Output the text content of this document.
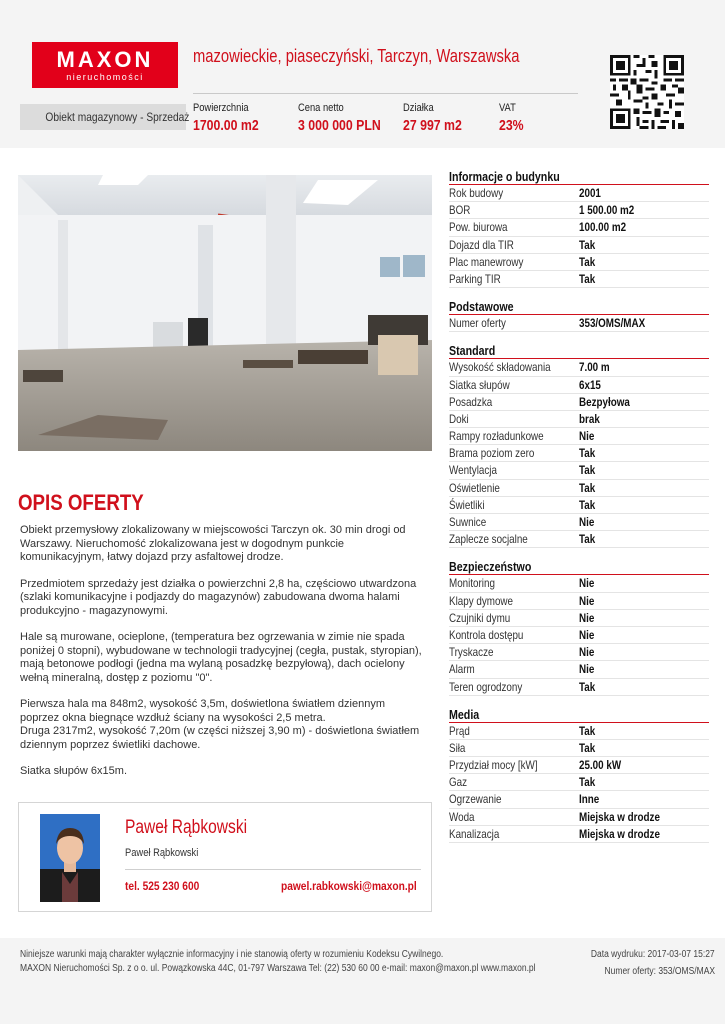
MAXON
nieruchomości
mazowieckie, piaseczyński, Tarczyn, Warszawska
Obiekt magazynowy - Sprzedaż
Powierzchnia
1700.00 m2
Cena netto
3 000 000 PLN
Działka
27 997 m2
VAT
23%
OPIS OFERTY

Obiekt przemysłowy zlokalizowany w miejscowości Tarczyn ok. 30 min drogi od Warszawy. Nieruchomość zlokalizowana jest w dogodnym punkcie komunikacyjnym, łatwy dojazd przy asfaltowej drodze.

Przedmiotem sprzedaży jest działka o powierzchni 2,8 ha, częściowo utwardzona (szlaki komunikacyjne i podjazdy do magazynów) zabudowana dwoma halami produkcyjno - magazynowymi.

Hale są murowane, ocieplone, (temperatura bez ogrzewania w zimie nie spada poniżej 0 stopni), wybudowane w technologii tradycyjnej (cegła, pustak, styropian), mają betonowe podłogi (jedna ma wylaną posadzkę bezpyłową), dach ocielony wełną mineralną, dostęp z poziomu "0".

Pierwsza hala ma 848m2, wysokość 3,5m, doświetlona światłem dziennym poprzez okna biegnące wzdłuż ściany na wysokości 2,5 metra.
Druga 2317m2, wysokość 7,20m (w części niższej 3,90 m) - doświetlona światłem dziennym poprzez świetliki dachowe.

Siatka słupów 6x15m.

Paweł Rąbkowski
Paweł Rąbkowski
tel. 525 230 600	pawel.rabkowski@maxon.pl
Informacje o budynku
Rok budowy	2001
BOR	1 500.00 m2
Pow. biurowa	100.00 m2
Dojazd dla TIR	Tak
Plac manewrowy	Tak
Parking TIR	Tak
Podstawowe
Numer oferty	353/OMS/MAX
Standard
Wysokość składowania 7.00 m
Siatka słupów	6x15
Posadzka	Bezpyłowa
Doki	brak
Rampy rozładunkowe	Nie
Brama poziom zero	Tak
Wentylacja	Tak
Oświetlenie	Tak
Świetliki	Tak
Suwnice	Nie
Zaplecze socjalne	Tak
Bezpieczeństwo
Monitoring	Nie
Klapy dymowe	Nie
Czujniki dymu	Nie
Kontrola dostępu	Nie
Tryskacze	Nie
Alarm	Nie
Teren ogrodzony	Tak
Media
Prąd	Tak
Siła	Tak
Przydział mocy [kW]	25.00 kW
Gaz	Tak
Ogrzewanie	Inne
Woda	Miejska w drodze
Kanalizacja	Miejska w drodze
Niniejsze warunki mają charakter wyłącznie informacyjny i nie stanowią oferty w rozumieniu Kodeksu Cywilnego.
MAXON Nieruchomości Sp. z o o. ul. Powązkowska 44C, 01-797 Warszawa Tel: (22) 530 60 00 e-mail: maxon@maxon.pl www.maxon.pl
Data wydruku: 2017-03-07 15:27
Numer oferty: 353/OMS/MAX
